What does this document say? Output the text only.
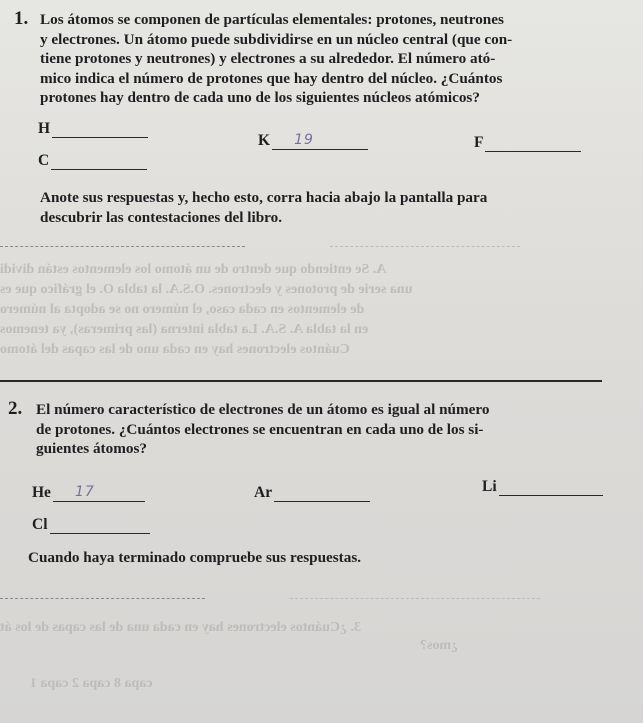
1. Los átomos se componen de partículas elementales: protones, neutrones
y electrones. Un átomo puede subdividirse en un núcleo central (que con-
tiene protones y neutrones) y electrones a su alrededor. El número ató-
mico indica el número de protones que hay dentro del núcleo. ¿Cuántos
protones hay dentro de cada uno de los siguientes núcleos atómicos?
H
K 19	F
C
Anote sus respuestas y, hecho esto, corra hacia abajo la pantalla para
descubrir las contestaciones del libro.
A. Se entiendo que dentro de un átomo los elementos están dividi
una serie de protones y electrones. O.S.A. la tabla O. el gráfico que es
de elementos en cada caso, el número no se adopta al número
en la tabla A. S.A. La tabla interna (las primeras), ya tenemos
Cuántos electrones hay en cada uno de las capas del átomo
2. El número característico de electrones de un átomo es igual al número
de protones. ¿Cuántos electrones se encuentran en cada uno de los si-
guientes átomos?
He 17	Ar	Li
Cl
Cuando haya terminado compruebe sus respuestas.
3. ¿Cuántos electrones hay en cada una de las capas de los át
¿mos?
capa 8 capa 2 capa 1
